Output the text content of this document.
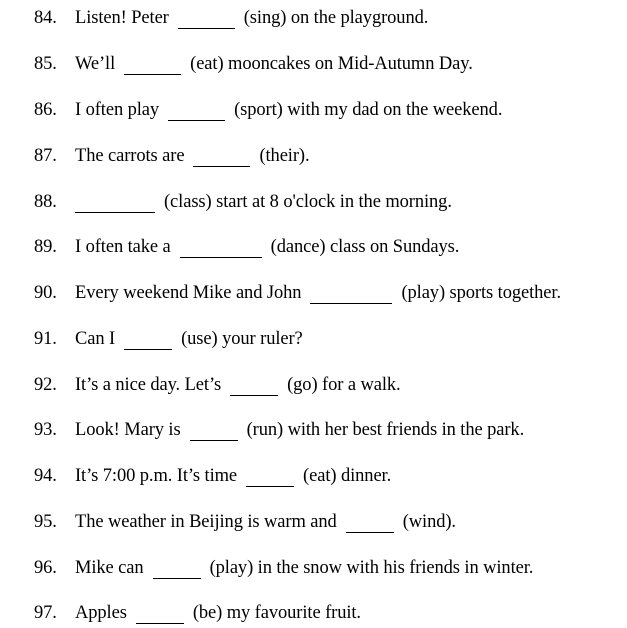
84. Listen! Peter	(sing) on the playground.
85. We’ll	(eat) mooncakes on Mid-Autumn Day.
86. I often play	(sport) with my dad on the weekend.
87. The carrots are	(their).
88.	(class) start at 8 o'clock in the morning.
89. I often take a	(dance) class on Sundays.
90. Every weekend Mike and John	(play) sports together.
91. Can I	(use) your ruler?
92. It’s a nice day. Let’s	(go) for a walk.
93. Look! Mary is	(run) with her best friends in the park.
94. It’s 7:00 p.m. It’s time	(eat) dinner.
95. The weather in Beijing is warm and	(wind).
96. Mike can	(play) in the snow with his friends in winter.
97. Apples	(be) my favourite fruit.
